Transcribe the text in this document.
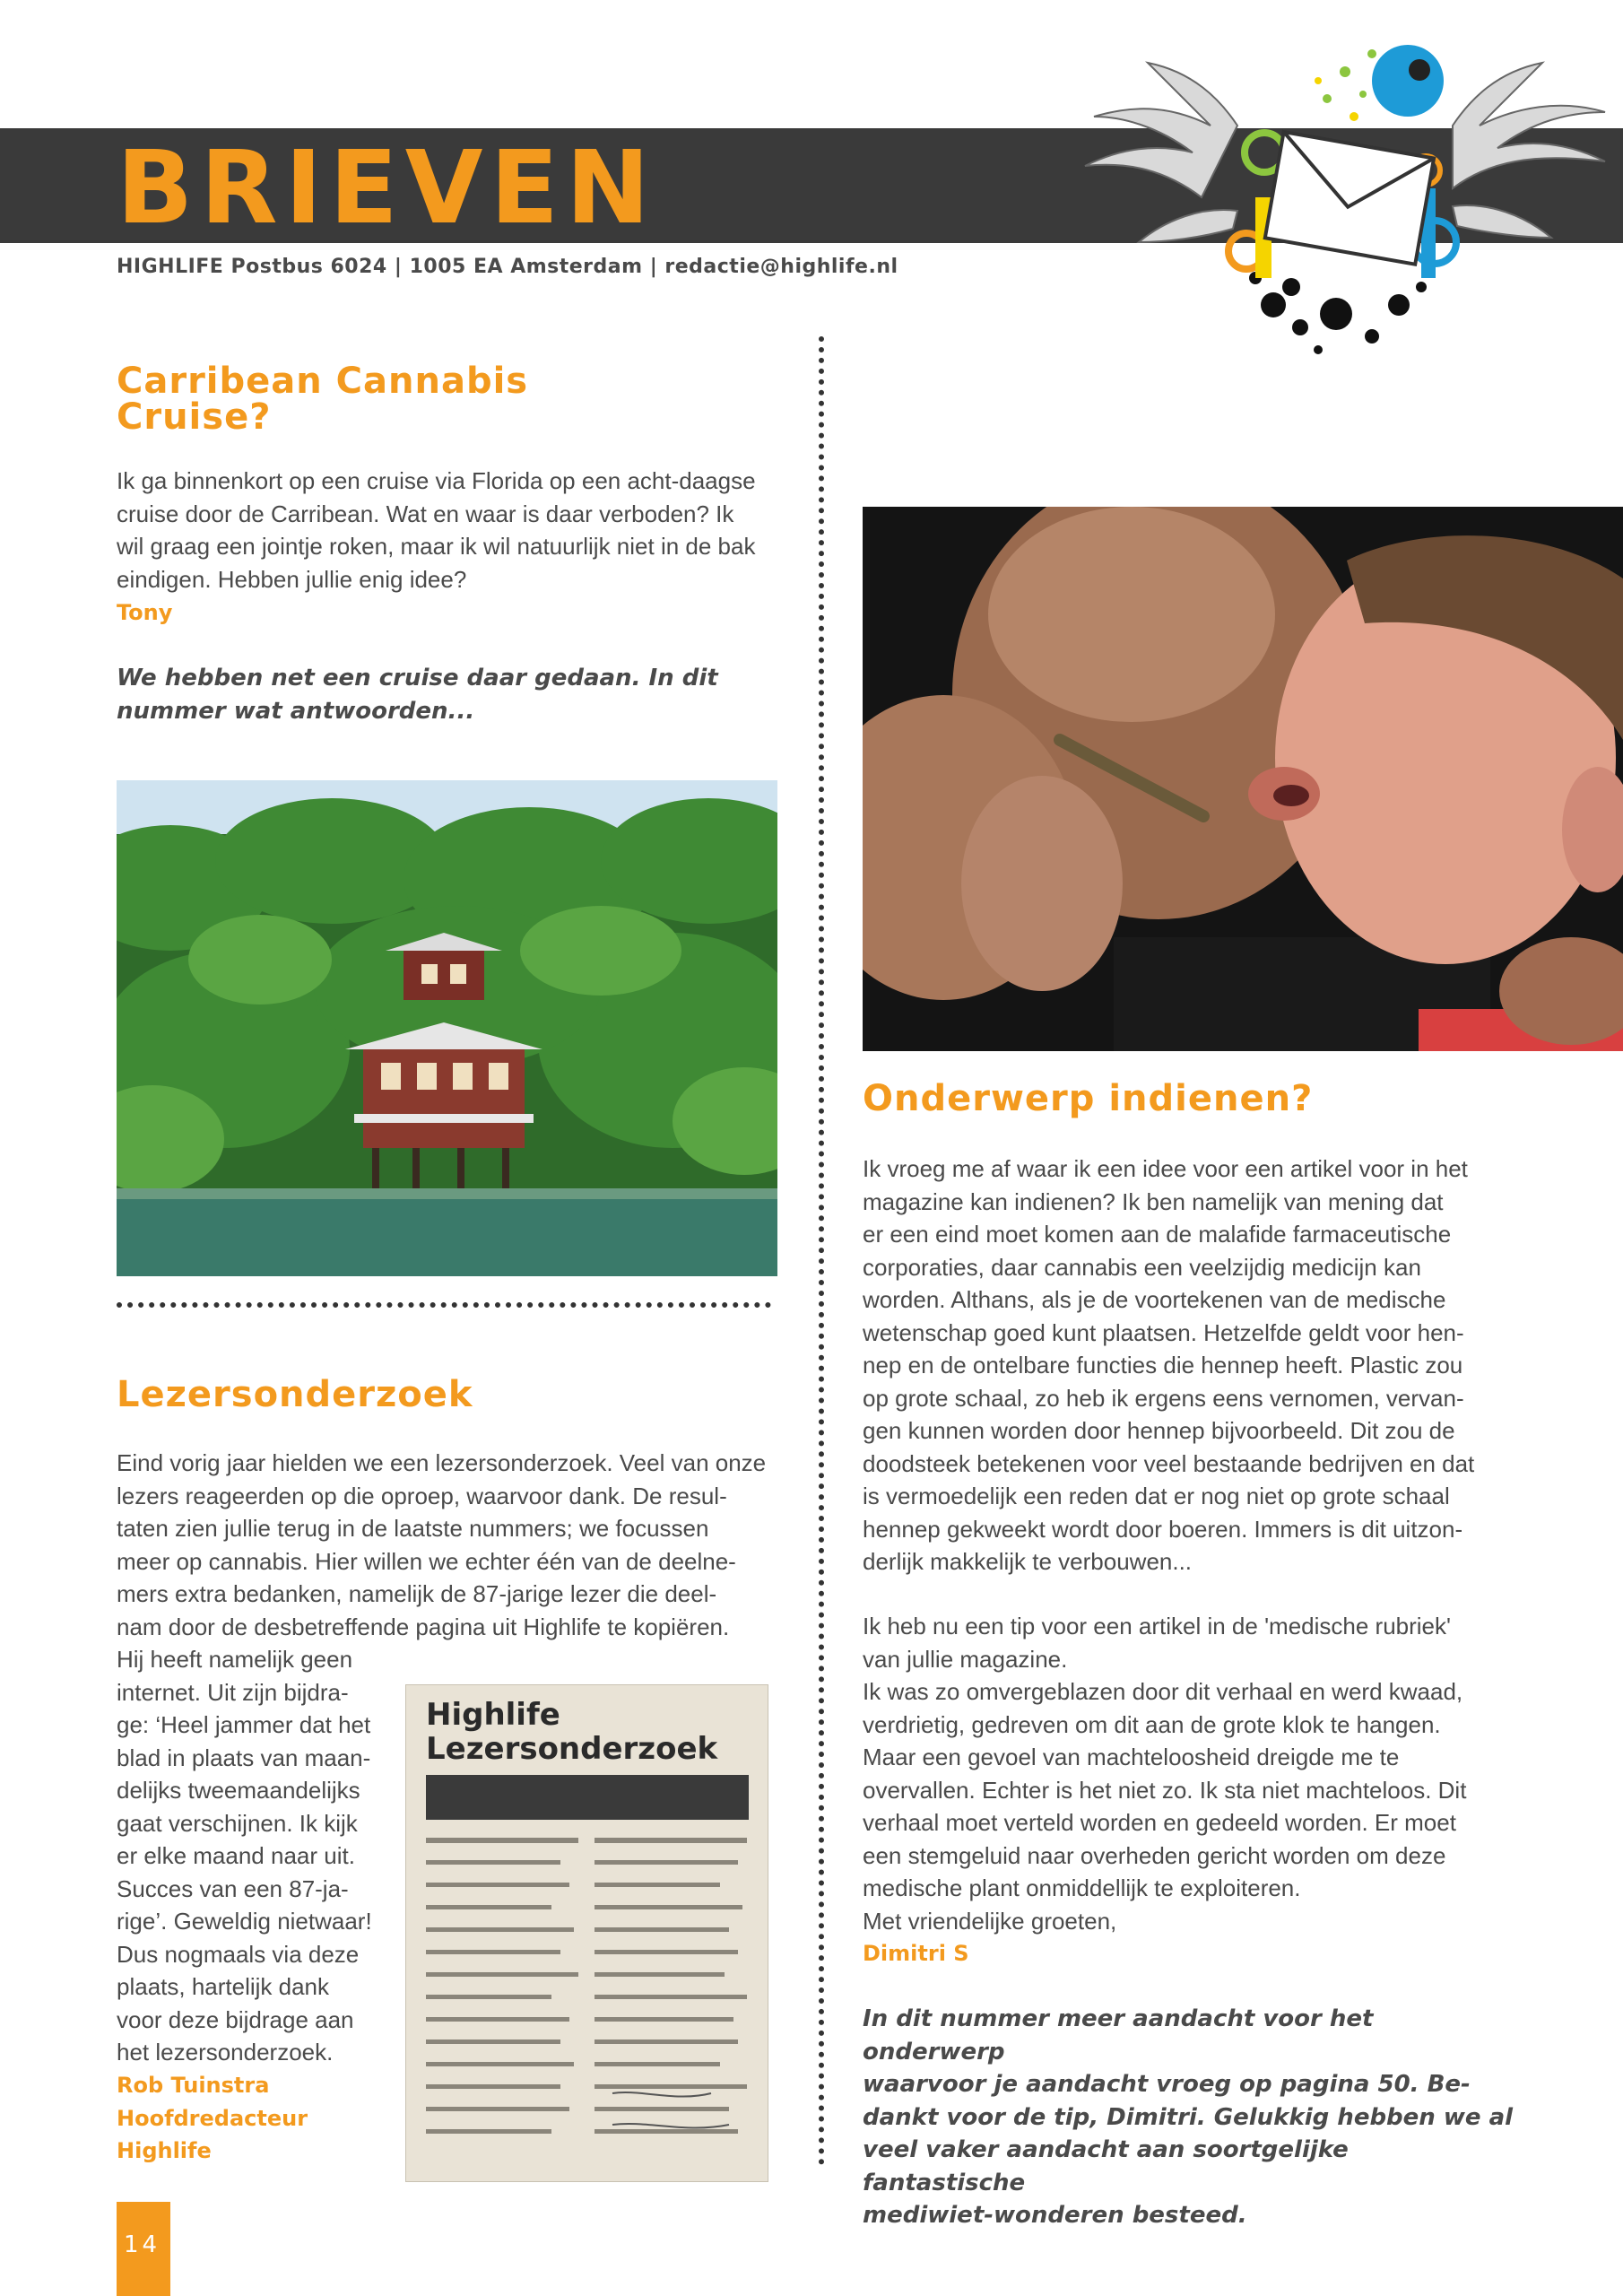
BRIEVEN
HIGHLIFE Postbus 6024 | 1005 EA Amsterdam | redactie@highlife.nl
Carribean Cannabis
Cruise?
Ik ga binnenkort op een cruise via Florida op een acht-daagse
cruise door de Carribean. Wat en waar is daar verboden? Ik
wil graag een jointje roken, maar ik wil natuurlijk niet in de bak
eindigen. Hebben jullie enig idee?
Tony
We hebben net een cruise daar gedaan. In dit
nummer wat antwoorden...
Lezersonderzoek
Eind vorig jaar hielden we een lezersonderzoek. Veel van onze
lezers reageerden op die oproep, waarvoor dank. De resul-
taten zien jullie terug in de laatste nummers; we focussen
meer op cannabis. Hier willen we echter één van de deelne-
mers extra bedanken, namelijk de 87-jarige lezer die deel-
nam door de desbetreffende pagina uit Highlife te kopiëren.
Hij heeft namelijk geen
internet. Uit zijn bijdra-
ge: ‘Heel jammer dat het
blad in plaats van maan-
delijks tweemaandelijks
gaat verschijnen. Ik kijk
er elke maand naar uit.
Succes van een 87-ja-
rige’. Geweldig nietwaar!
Dus nogmaals via deze
plaats, hartelijk dank
voor deze bijdrage aan
het lezersonderzoek.
Rob Tuinstra
Hoofdredacteur
Highlife
Highlife
Lezersonderzoek
Onderwerp indienen?
Ik vroeg me af waar ik een idee voor een artikel voor in het
magazine kan indienen? Ik ben namelijk van mening dat
er een eind moet komen aan de malafide farmaceutische
corporaties, daar cannabis een veelzijdig medicijn kan
worden. Althans, als je de voortekenen van de medische
wetenschap goed kunt plaatsen. Hetzelfde geldt voor hen-
nep en de ontelbare functies die hennep heeft. Plastic zou
op grote schaal, zo heb ik ergens eens vernomen, vervan-
gen kunnen worden door hennep bijvoorbeeld. Dit zou de
doodsteek betekenen voor veel bestaande bedrijven en dat
is vermoedelijk een reden dat er nog niet op grote schaal
hennep gekweekt wordt door boeren. Immers is dit uitzon-
derlijk makkelijk te verbouwen...
Ik heb nu een tip voor een artikel in de 'medische rubriek'
van jullie magazine.
Ik was zo omvergeblazen door dit verhaal en werd kwaad,
verdrietig, gedreven om dit aan de grote klok te hangen.
Maar een gevoel van machteloosheid dreigde me te
overvallen. Echter is het niet zo. Ik sta niet machteloos. Dit
verhaal moet verteld worden en gedeeld worden. Er moet
een stemgeluid naar overheden gericht worden om deze
medische plant onmiddellijk te exploiteren.
Met vriendelijke groeten,
Dimitri S
In dit nummer meer aandacht voor het onderwerp
waarvoor je aandacht vroeg op pagina 50. Be-
dankt voor de tip, Dimitri. Gelukkig hebben we al
veel vaker aandacht aan soortgelijke fantastische
mediwiet-wonderen besteed.
14
